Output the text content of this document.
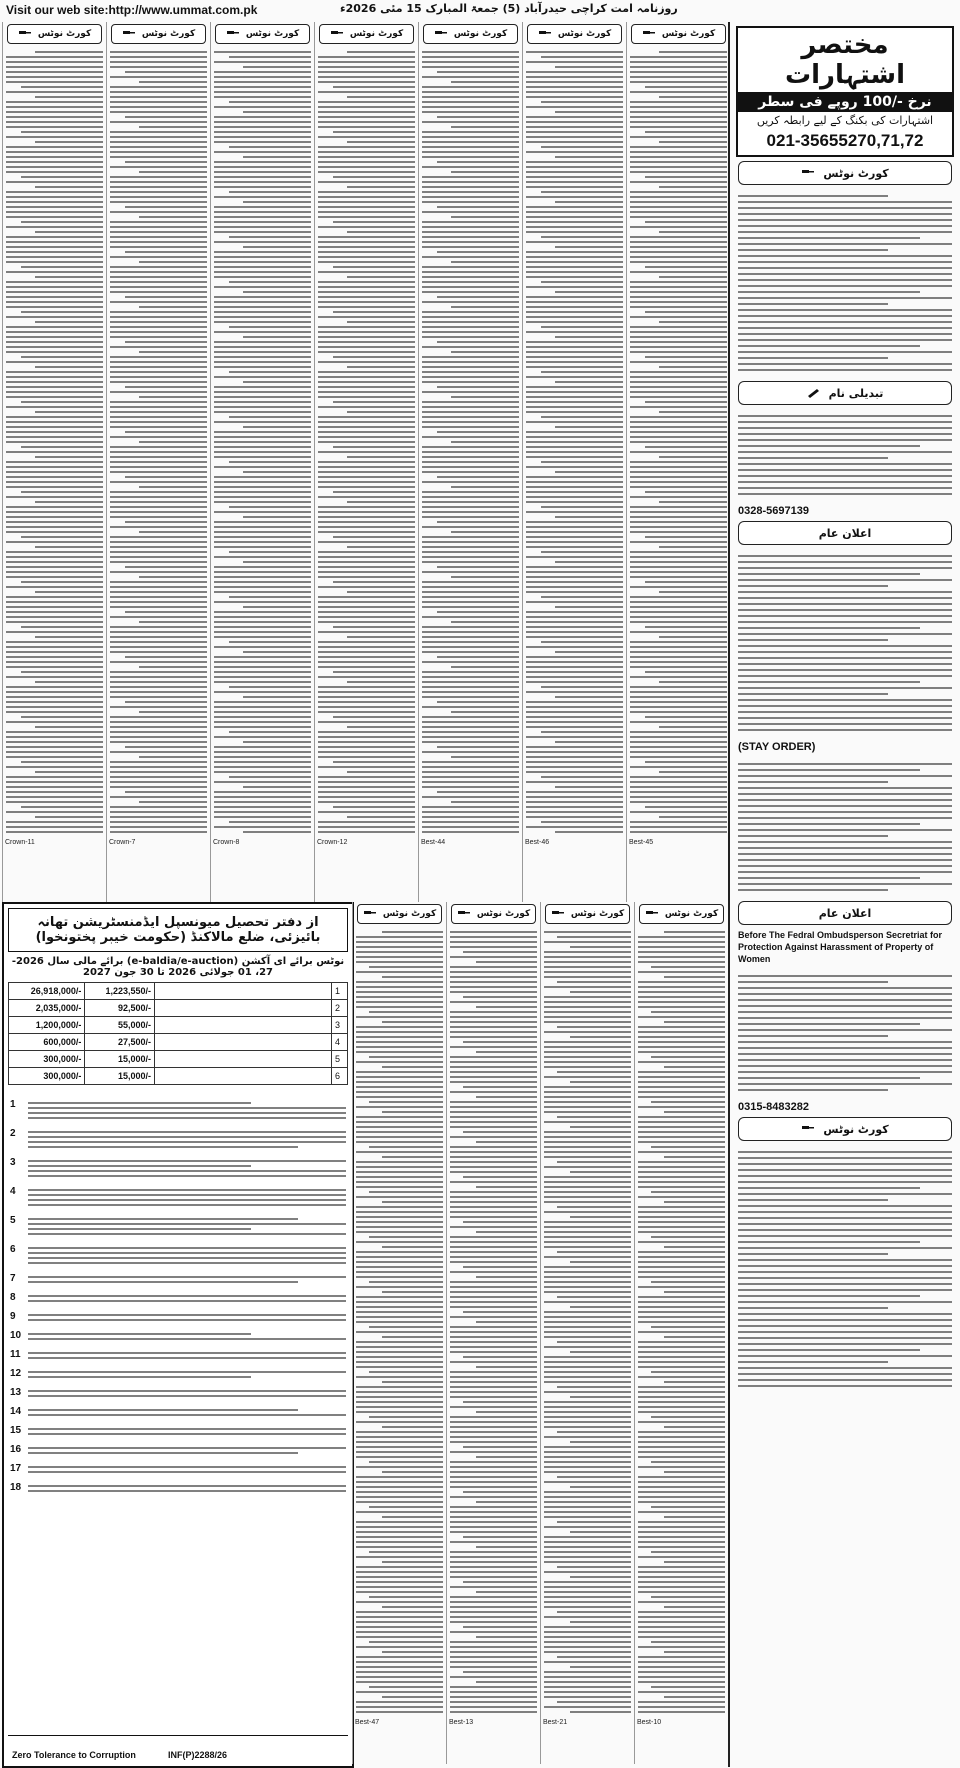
Visit our web site:http://www.ummat.com.pk	روزنامہ امت کراچی حیدرآباد (5) جمعۃ المبارک 15 مئی 2026ء
کورٹ نوٹس
Crown-11
کورٹ نوٹس
Crown-7
کورٹ نوٹس
Crown-8
کورٹ نوٹس
Crown-12
کورٹ نوٹس
Best-44
کورٹ نوٹس
Best-46
کورٹ نوٹس
Best-45
مختصر اشتہارات
نرخ -/100 روپے فی سطر
اشتہارات کی بکنگ کے لیے رابطہ کریں
021-35655270,71,72
کورٹ نوٹس
تبدیلی نام
0328-5697139
اعلان عام
(STAY ORDER)
اعلان عام
Before The Fedral Ombudsperson Secretriat for Protection Against Harassment of Property of Women
0315-8483282
کورٹ نوٹس
از دفتر تحصیل میونسپل ایڈمنسٹریشن تھانہ بائیزئی، ضلع مالاکنڈ (حکومت خیبر پختونخوا)
نوٹس برائے ای آکشن (e-baldia/e-auction) برائے مالی سال 2026-27، 01 جولائی 2026 تا 30 جون 2027
26,918,000/-	1,223,550/-		1
2,035,000/-	92,500/-		2
1,200,000/-	55,000/-		3
600,000/-	27,500/-		4
300,000/-	15,000/-		5
300,000/-	15,000/-		6
1
2
3
4
5
6
7
8
9
10
11
12
13
14
15
16
17
18
Zero Tolerance to Corruption	INF(P)2288/26
کورٹ نوٹس
Best-47
کورٹ نوٹس
Best-13
کورٹ نوٹس
Best-21
کورٹ نوٹس
Best-10
